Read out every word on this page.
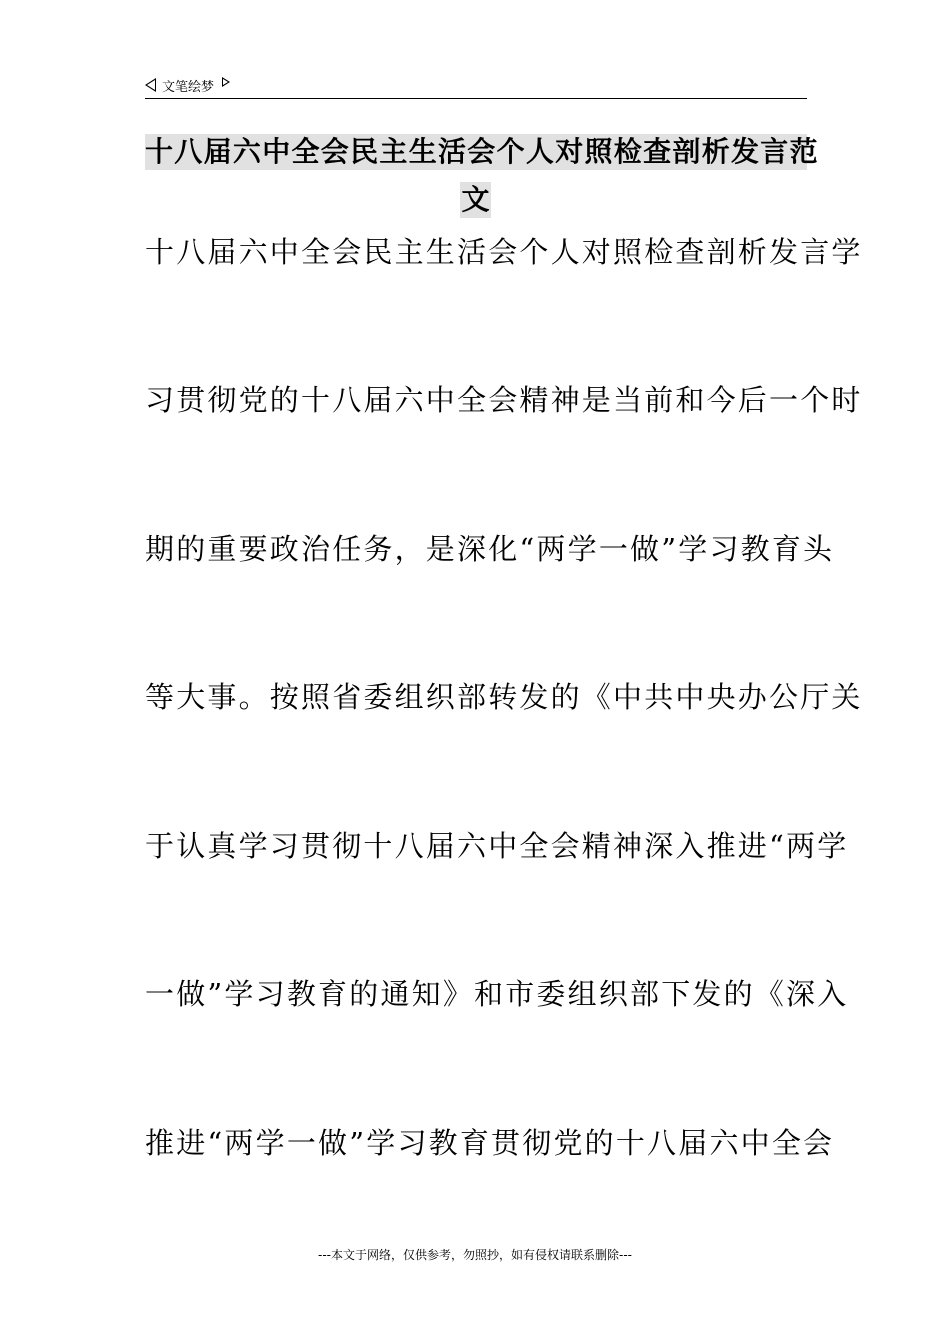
文笔绘梦
十八届六中全会民主生活会个人对照检查剖析发言范
文
十八届六中全会民主生活会个人对照检查剖析发言学
习贯彻党的十八届六中全会精神是当前和今后一个时
期的重要政治任务，是深化“两学一做”学习教育头
等大事。按照省委组织部转发的《中共中央办公厅关
于认真学习贯彻十八届六中全会精神深入推进“两学
一做”学习教育的通知》和市委组织部下发的《深入
推进“两学一做”学习教育贯彻党的十八届六中全会
---本文于网络，仅供参考，勿照抄，如有侵权请联系删除---
